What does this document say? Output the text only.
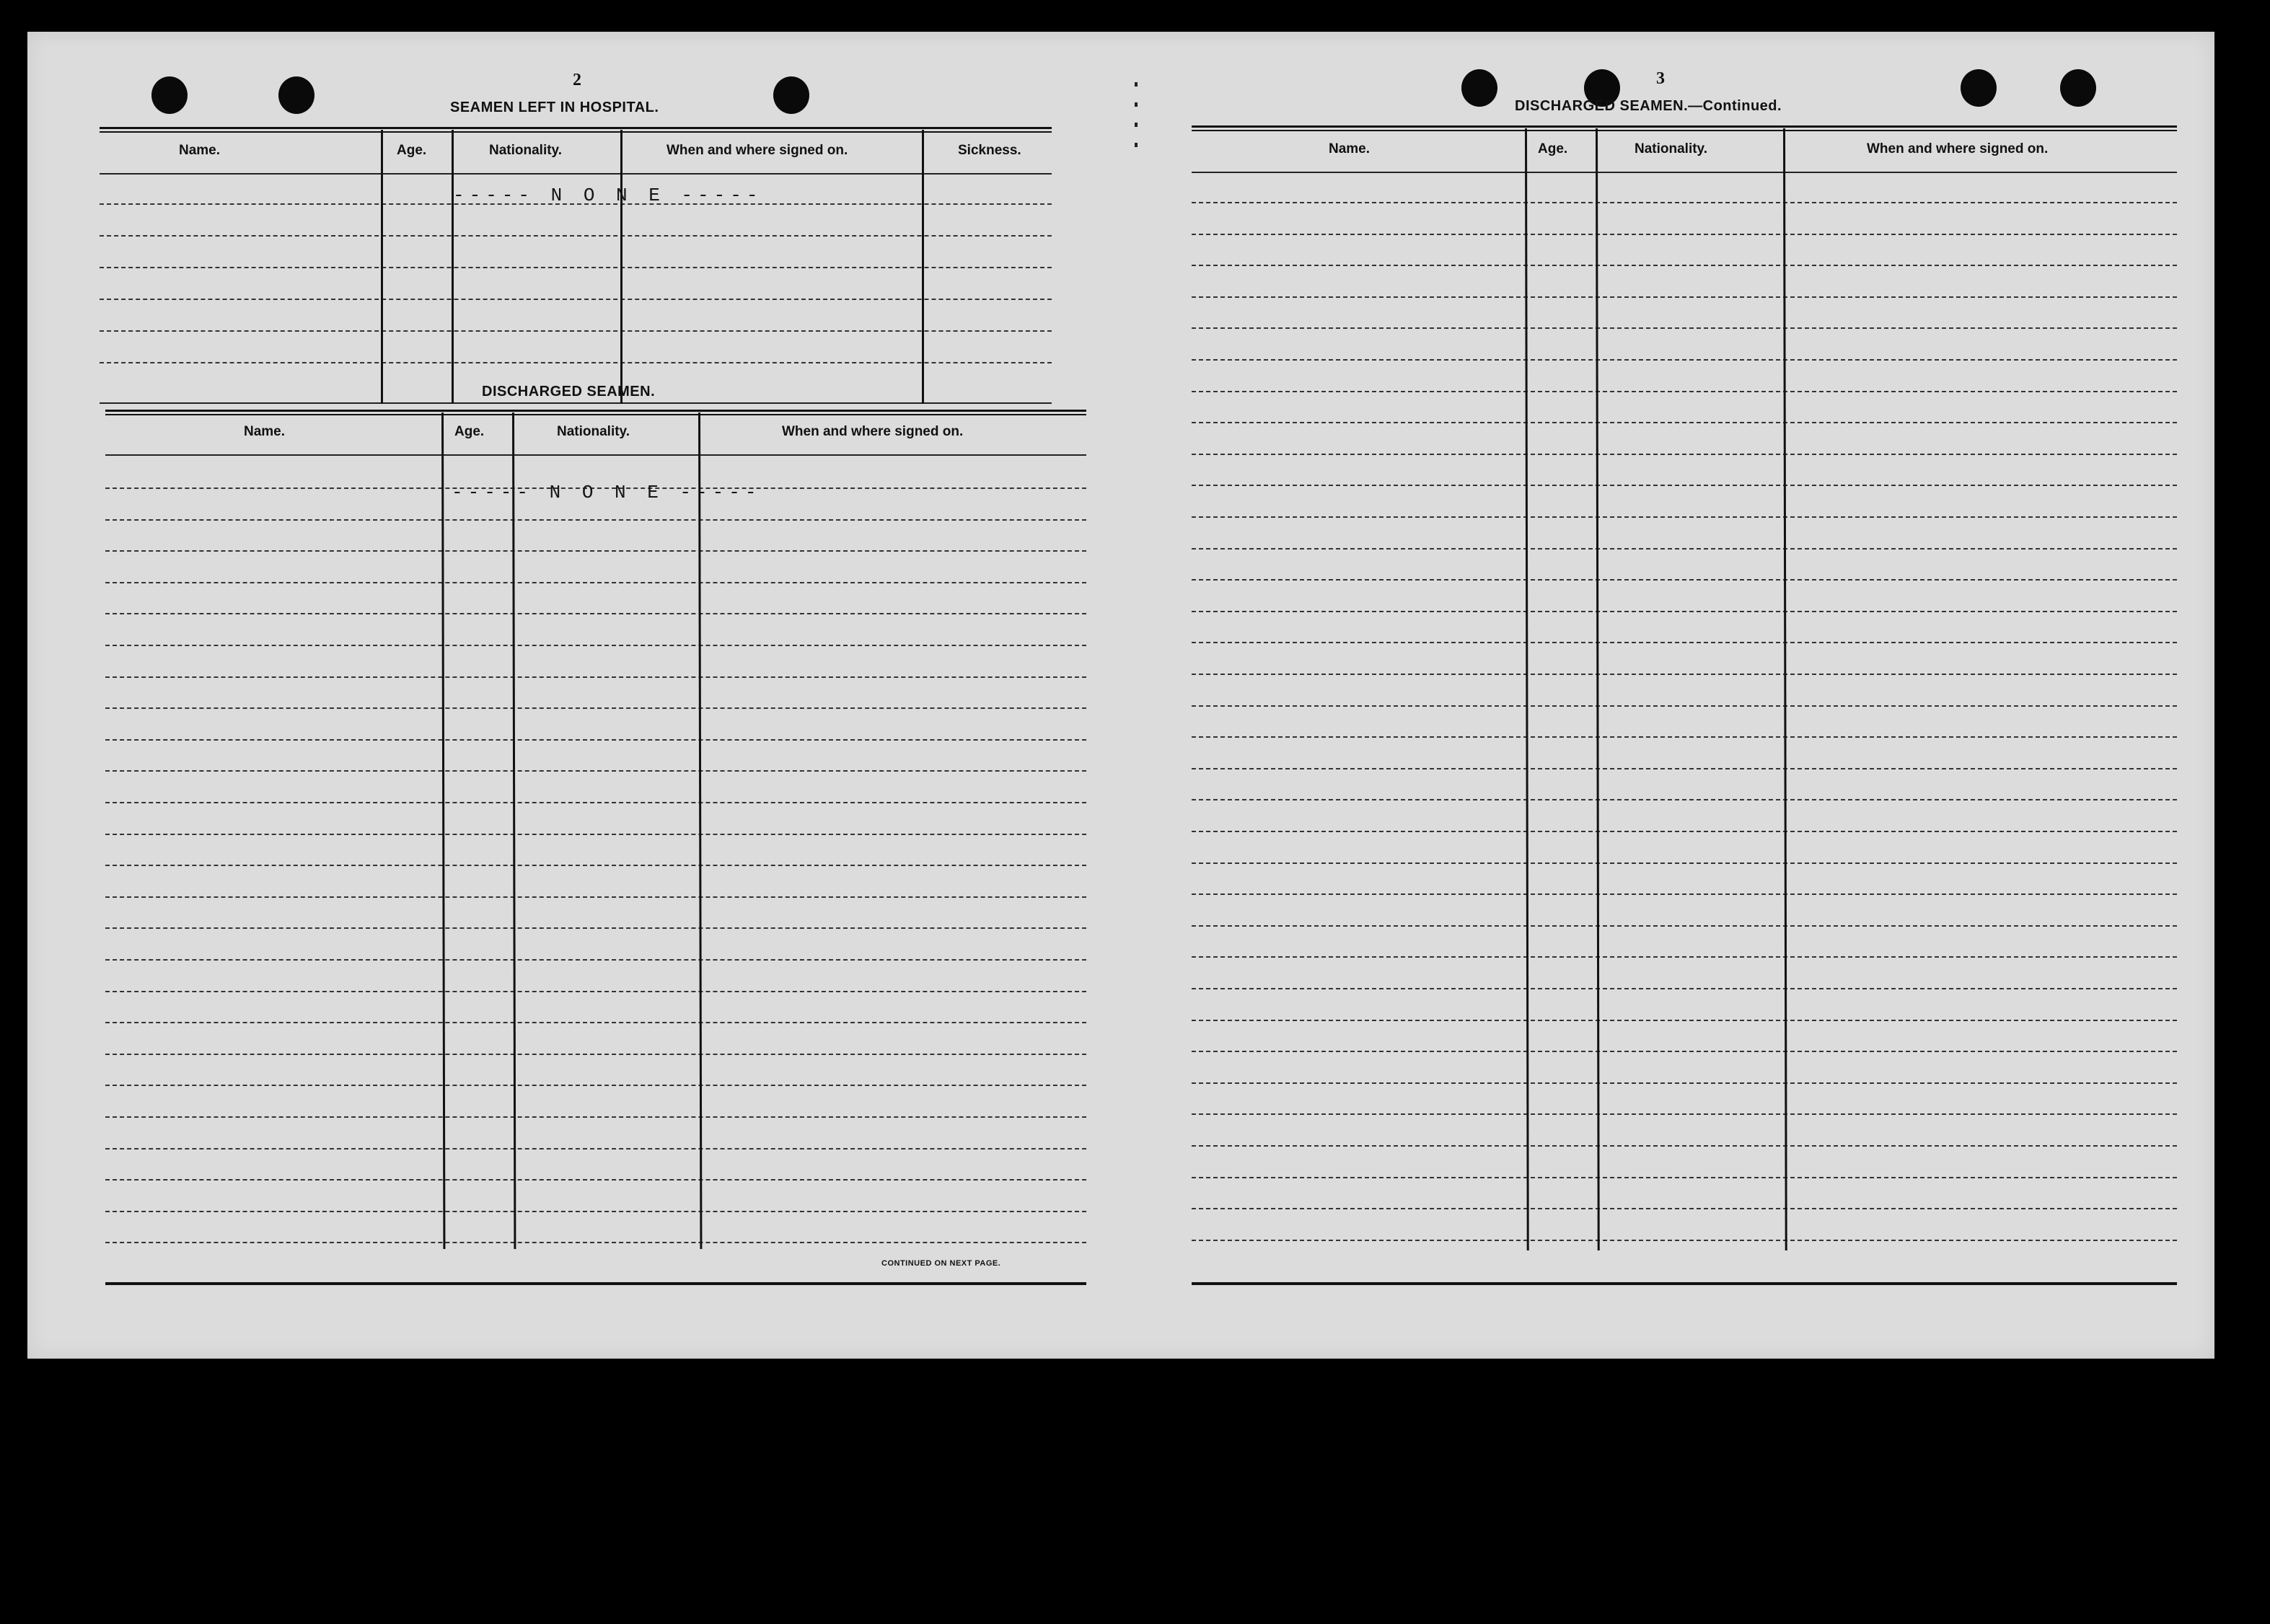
2
SEAMEN LEFT IN HOSPITAL.
Name.	Age.	Nationality.	When and where signed on.	Sickness.
----- N O N E -----
DISCHARGED SEAMEN.
Name.	Age.	Nationality.	When and where signed on.
----- N O N E -----
CONTINUED ON NEXT PAGE.
3
DISCHARGED SEAMEN.—Continued.
Name.	Age.	Nationality.	When and where signed on.
